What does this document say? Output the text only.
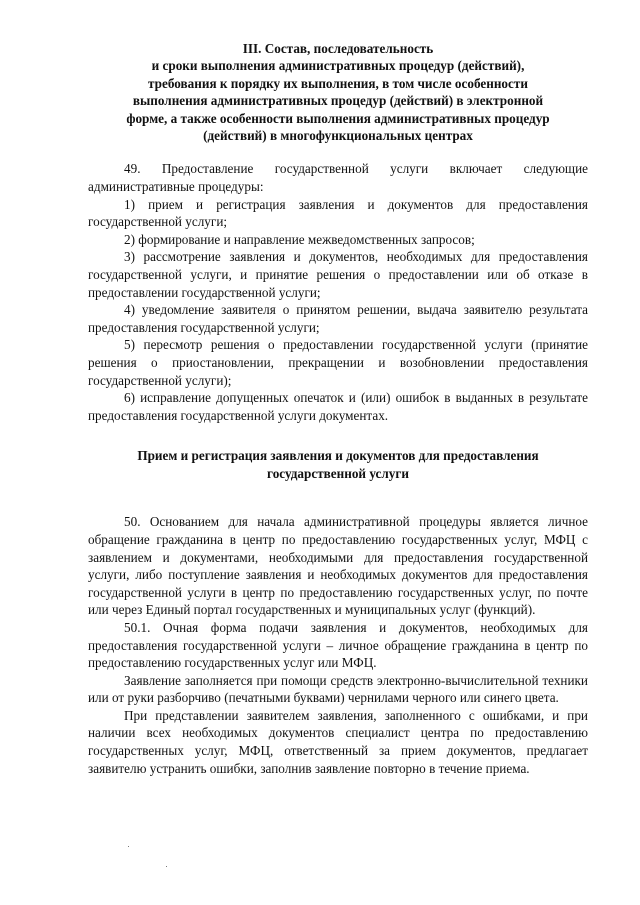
III. Состав, последовательность
и сроки выполнения административных процедур (действий),
требования к порядку их выполнения, в том числе особенности
выполнения административных процедур (действий) в электронной
форме, а также особенности выполнения административных процедур
(действий) в многофункциональных центрах

49. Предоставление государственной услуги включает следующие административные процедуры:

1) прием и регистрация заявления и документов для предоставления государственной услуги;

2) формирование и направление межведомственных запросов;

3) рассмотрение заявления и документов, необходимых для предоставления государственной услуги, и принятие решения о предоставлении или об отказе в предоставлении государственной услуги;

4) уведомление заявителя о принятом решении, выдача заявителю результата предоставления государственной услуги;

5) пересмотр решения о предоставлении государственной услуги (принятие решения о приостановлении, прекращении и возобновлении предоставления государственной услуги);

6) исправление допущенных опечаток и (или) ошибок в выданных в результате предоставления государственной услуги документах.

Прием и регистрация заявления и документов для предоставления
государственной услуги

50. Основанием для начала административной процедуры является личное обращение гражданина в центр по предоставлению государственных услуг, МФЦ с заявлением и документами, необходимыми для предоставления государственной услуги, либо поступление заявления и необходимых документов для предоставления государственной услуги в центр по предоставлению государственных услуг, по почте или через Единый портал государственных и муниципальных услуг (функций).

50.1. Очная форма подачи заявления и документов, необходимых для предоставления государственной услуги – личное обращение гражданина в центр по предоставлению государственных услуг или МФЦ.

Заявление заполняется при помощи средств электронно-вычислительной техники или от руки разборчиво (печатными буквами) чернилами черного или синего цвета.

При представлении заявителем заявления, заполненного с ошибками, и при наличии всех необходимых документов специалист центра по предоставлению государственных услуг, МФЦ, ответственный за прием документов, предлагает заявителю устранить ошибки, заполнив заявление повторно в течение приема.
